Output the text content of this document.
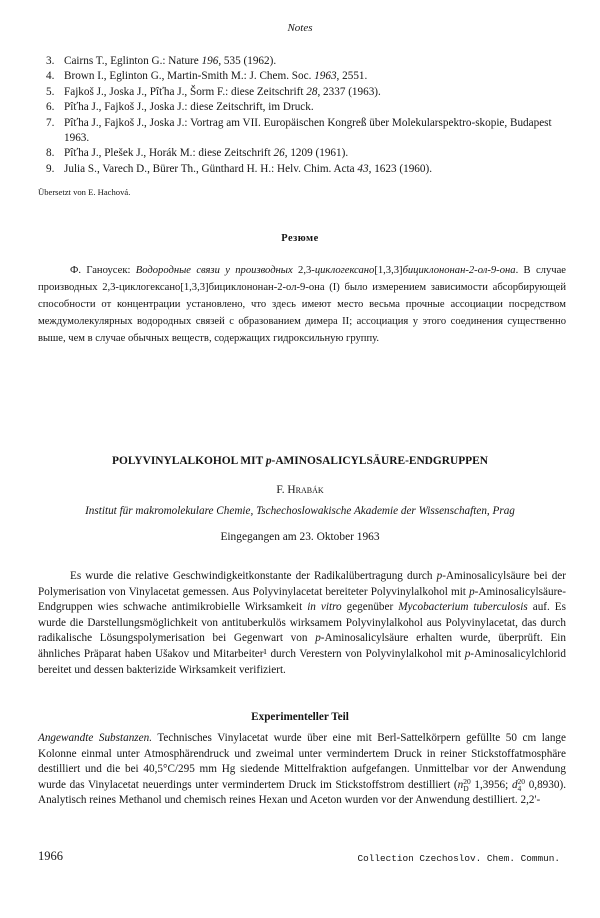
Notes
3. Cairns T., Eglinton G.: Nature 196, 535 (1962).
4. Brown I., Eglinton G., Martin-Smith M.: J. Chem. Soc. 1963, 2551.
5. Fajkoš J., Joska J., Pîťha J., Šorm F.: diese Zeitschrift 28, 2337 (1963).
6. Pîťha J., Fajkoš J., Joska J.: diese Zeitschrift, im Druck.
7. Pîťha J., Fajkoš J., Joska J.: Vortrag am VII. Europäischen Kongreß über Molekularspektro-skopie, Budapest 1963.
8. Pîťha J., Plešek J., Horák M.: diese Zeitschrift 26, 1209 (1961).
9. Julia S., Varech D., Bürer Th., Günthard H. H.: Helv. Chim. Acta 43, 1623 (1960).
Übersetzt von E. Hachová.
Резюме

Ф. Ганоусек: Водородные связи у производных 2,3-циклогексано[1,3,3]бициклононан-2-ол-9-она. В случае производных 2,3-циклогексано[1,3,3]бициклононан-2-ол-9-она (I) было измерением зависимости абсорбирующей способности от концентрации установлено, что здесь имеют место весьма прочные ассоциации посредством междумолекулярных водородных связей с образованием димера II; ассоциация у этого соединения существенно выше, чем в случае обычных веществ, содержащих гидроксильную группу.

POLYVINYLALKOHOL MIT p-AMINOSALICYLSÄURE-ENDGRUPPEN
F. Hrabák
Institut für makromolekulare Chemie, Tschechoslowakische Akademie der Wissenschaften, Prag
Eingegangen am 23. Oktober 1963

Es wurde die relative Geschwindigkeitkonstante der Radikalübertragung durch p-Aminosalicylsäure bei der Polymerisation von Vinylacetat gemessen. Aus Polyvinylacetat bereiteter Polyvinylalkohol mit p-Aminosalicylsäure-Endgruppen wies schwache antimikrobielle Wirksamkeit in vitro gegenüber Mycobacterium tuberculosis auf. Es wurde die Darstellungsmöglichkeit von antituberkulös wirksamem Polyvinylalkohol aus Polyvinylacetat, das durch radikalische Lösungspolymerisation bei Gegenwart von p-Aminosalicylsäure erhalten wurde, überprüft. Ein ähnliches Präparat haben Ušakov und Mitarbeiter¹ durch Verestern von Polyvinylalkohol mit p-Aminosalicylchlorid bereitet und dessen bakterizide Wirksamkeit verifiziert.

Experimenteller Teil

Angewandte Substanzen. Technisches Vinylacetat wurde über eine mit Berl-Sattelkörpern gefüllte 50 cm lange Kolonne einmal unter Atmosphärendruck und zweimal unter vermindertem Druck in reiner Stickstoffatmosphäre destilliert und die bei 40,5°C/295 mm Hg siedende Mittelfraktion aufgefangen. Unmittelbar vor der Anwendung wurde das Vinylacetat neuerdings unter vermindertem Druck im Stickstoffstrom destilliert (n 20
D 1,3956; d 20
4 0,8930). Analytisch reines Methanol und chemisch reines Hexan und Aceton wurden vor der Anwendung destilliert. 2,2'-

1966	Collection Czechoslov. Chem. Commun.
